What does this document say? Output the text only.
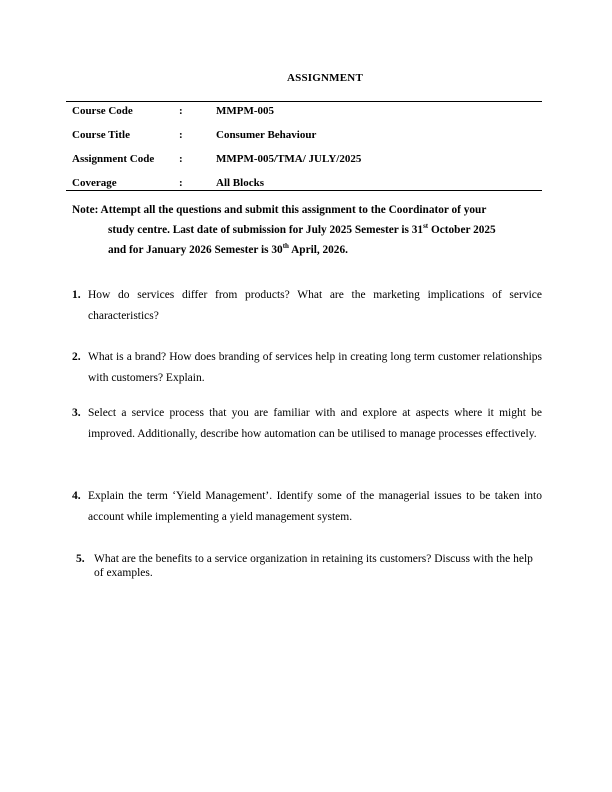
ASSIGNMENT
Course Code	:	MMPM-005
Course Title	:	Consumer Behaviour
Assignment Code :	MMPM-005/TMA/ JULY/2025
Coverage	:	All Blocks
Note: Attempt all the questions and submit this assignment to the Coordinator of your
study centre. Last date of submission for July 2025 Semester is 31st October 2025
and for January 2026 Semester is 30th April, 2026.
1. How do services differ from products? What are the marketing implications of service characteristics?
2. What is a brand? How does branding of services help in creating long term customer relationships with customers? Explain.
3. Select a service process that you are familiar with and explore at aspects where it might be improved. Additionally, describe how automation can be utilised to manage processes effectively.
4. Explain the term ‘Yield Management’. Identify some of the managerial issues to be taken into account while implementing a yield management system.
5. What are the benefits to a service organization in retaining its customers? Discuss with the help of examples.
